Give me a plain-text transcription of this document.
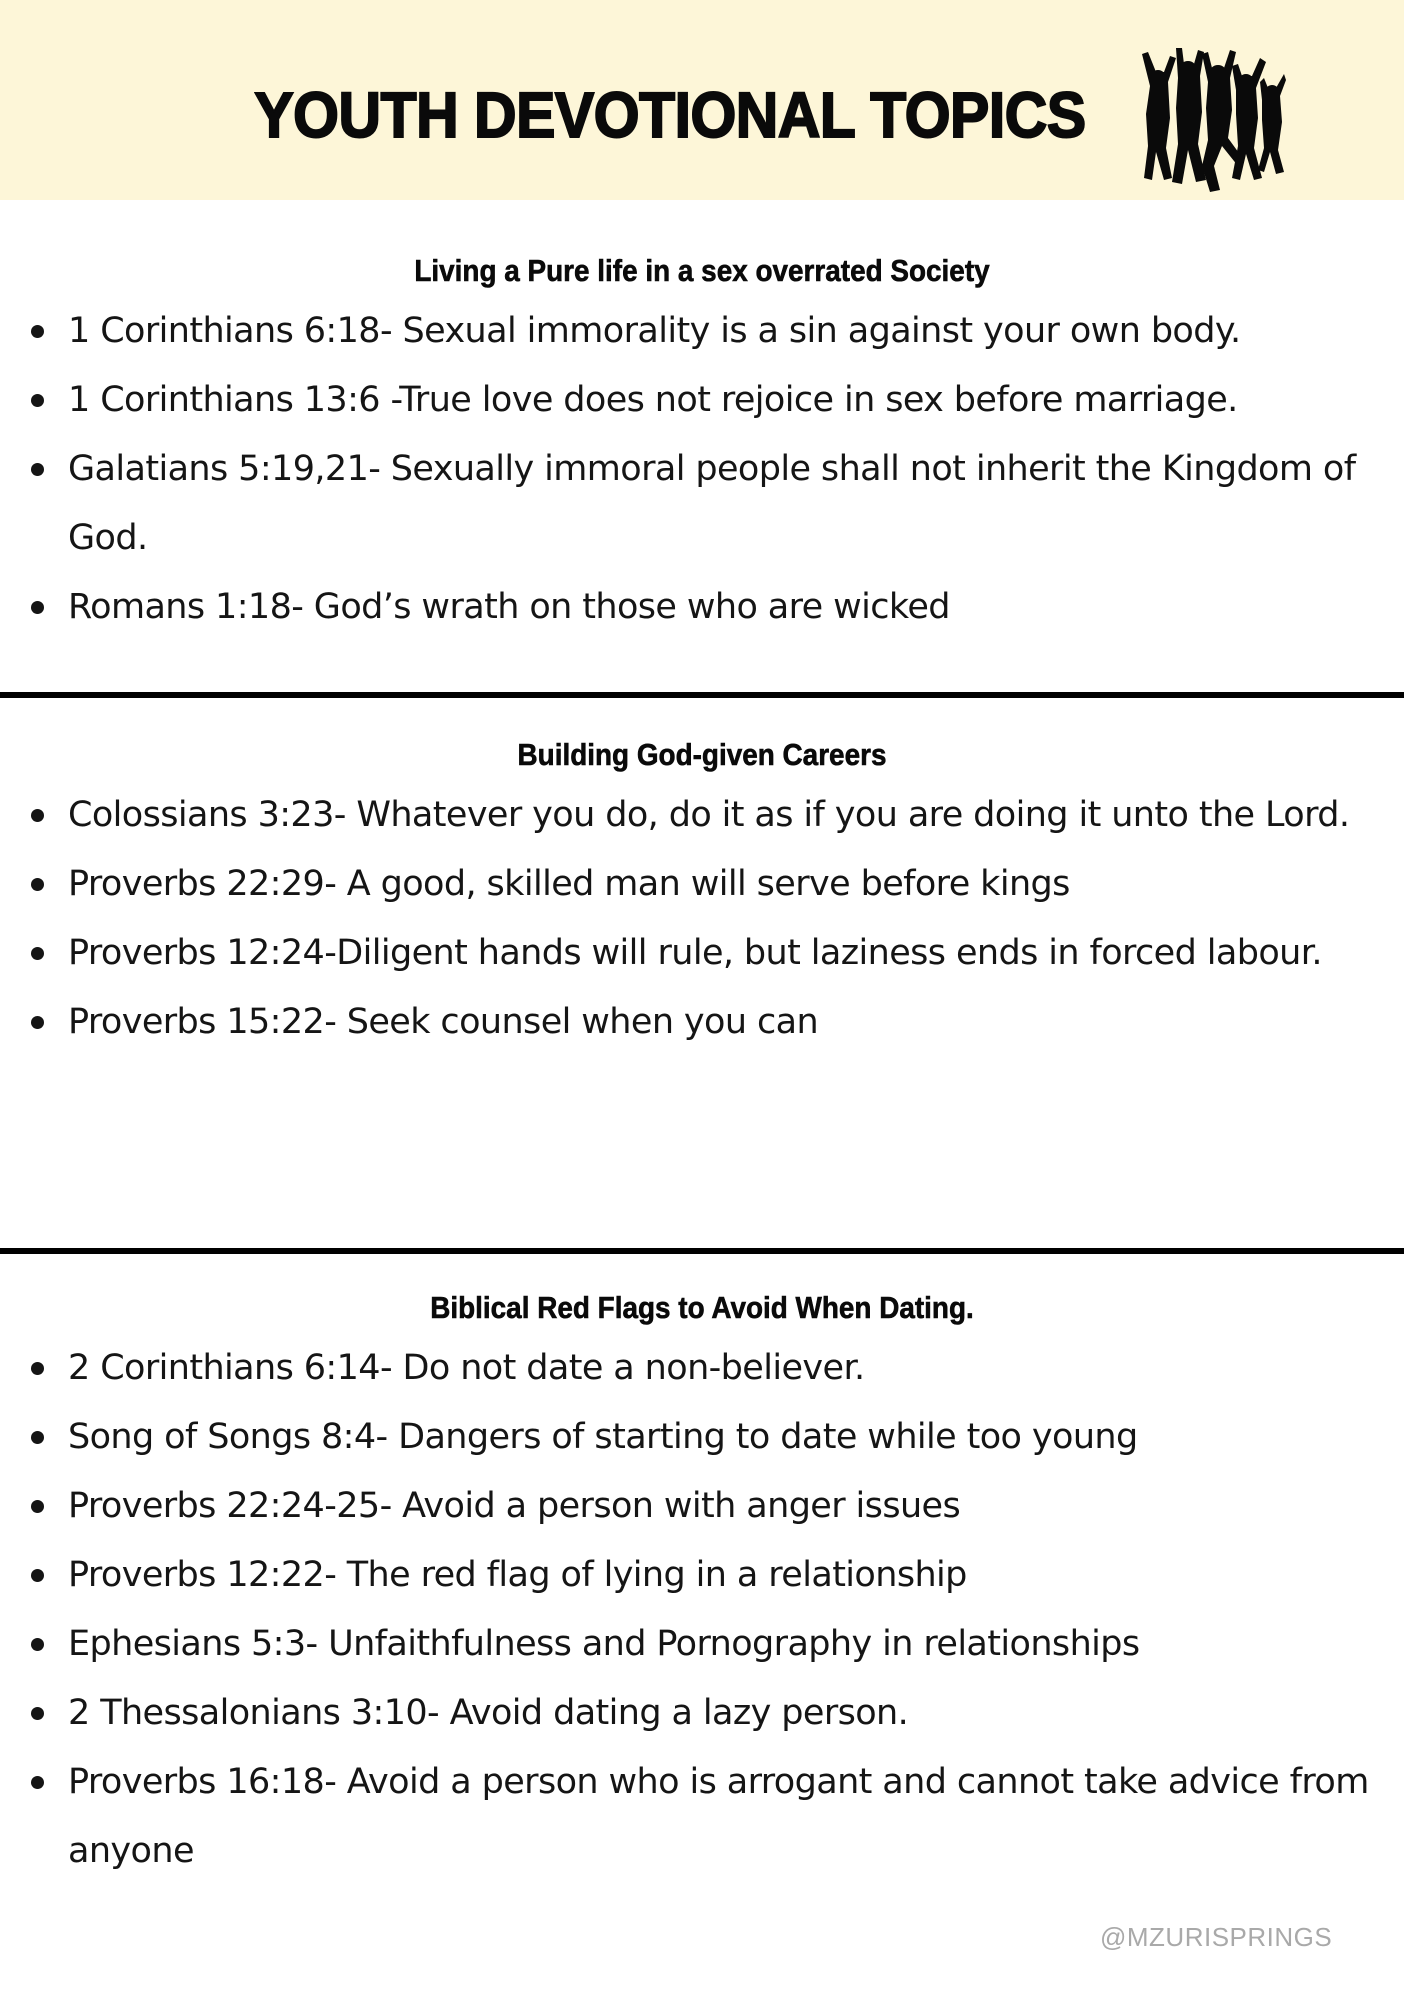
YOUTH DEVOTIONAL TOPICS
Living a Pure life in a sex overrated Society
1 Corinthians 6:18- Sexual immorality is a sin against your own body.
1 Corinthians 13:6 -True love does not rejoice in sex before marriage.
Galatians 5:19,21- Sexually immoral people shall not inherit the Kingdom of God.
Romans 1:18- God’s wrath on those who are wicked
Building God-given Careers
Colossians 3:23- Whatever you do, do it as if you are doing it unto the Lord.
Proverbs 22:29- A good, skilled man will serve before kings
Proverbs 12:24-Diligent hands will rule, but laziness ends in forced labour.
Proverbs 15:22- Seek counsel when you can
Biblical Red Flags to Avoid When Dating.
2 Corinthians 6:14- Do not date a non-believer.
Song of Songs 8:4- Dangers of starting to date while too young
Proverbs 22:24-25- Avoid a person with anger issues
Proverbs 12:22- The red flag of lying in a relationship
Ephesians 5:3- Unfaithfulness and Pornography in relationships
2 Thessalonians 3:10- Avoid dating a lazy person.
Proverbs 16:18- Avoid a person who is arrogant and cannot take advice from anyone
@MZURISPRINGS
